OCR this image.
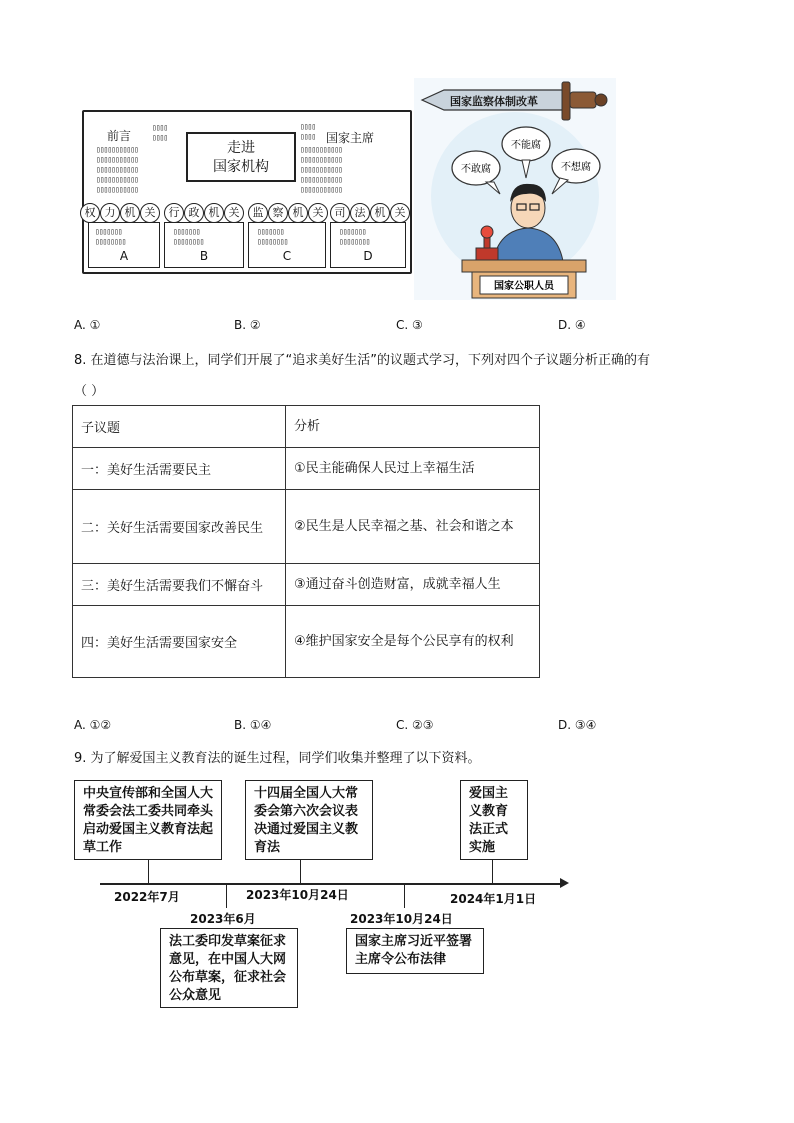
前言	国家主席
走进
国家机构
▯▯▯▯
▯▯▯▯
▯▯▯▯▯▯▯▯▯▯▯
▯▯▯▯▯▯▯▯▯▯▯
▯▯▯▯▯▯▯▯▯▯▯
▯▯▯▯▯▯▯▯▯▯▯
▯▯▯▯▯▯▯▯▯▯▯
▯▯▯▯
▯▯▯▯
▯▯▯▯▯▯▯▯▯▯▯
▯▯▯▯▯▯▯▯▯▯▯
▯▯▯▯▯▯▯▯▯▯▯
▯▯▯▯▯▯▯▯▯▯▯
▯▯▯▯▯▯▯▯▯▯▯
▯▯▯▯▯▯▯
▯▯▯▯▯▯▯▯
A
▯▯▯▯▯▯▯
▯▯▯▯▯▯▯▯
B
▯▯▯▯▯▯▯
▯▯▯▯▯▯▯▯
C
▯▯▯▯▯▯▯
▯▯▯▯▯▯▯▯
D
权 力 机 关	行 政 机 关	监 察 机 关	司 法 机 关
国家监察体制改革
不敢腐
不能腐
不想腐
国家公职人员
A. ①	B. ②	C. ③	D. ④
8. 在道德与法治课上，同学们开展了“追求美好生活”的议题式学习，下列对四个子议题分析正确的有
（ ）
子议题	分析
一：美好生活需要民主	①民主能确保人民过上幸福生活
二：关好生活需要国家改善民生	②民生是人民幸福之基、社会和谐之本
三：美好生活需要我们不懈奋斗	③通过奋斗创造财富，成就幸福人生
四：美好生活需要国家安全	④维护国家安全是每个公民享有的权利
A. ①②	B. ①④	C. ②③	D. ③④
9. 为了解爱国主义教育法的诞生过程，同学们收集并整理了以下资料。
中央宣传部和全国人大常委会法工委共同牵头启动爱国主义教育法起草工作
十四届全国人大常委会第六次会议表决通过爱国主义教育法
爱国主义教育法正式实施
2022年7月	2023年10月24日	2024年1月1日
2023年6月	2023年10月24日
法工委印发草案征求意见，在中国人大网公布草案，征求社会公众意见
国家主席习近平签署主席令公布法律
